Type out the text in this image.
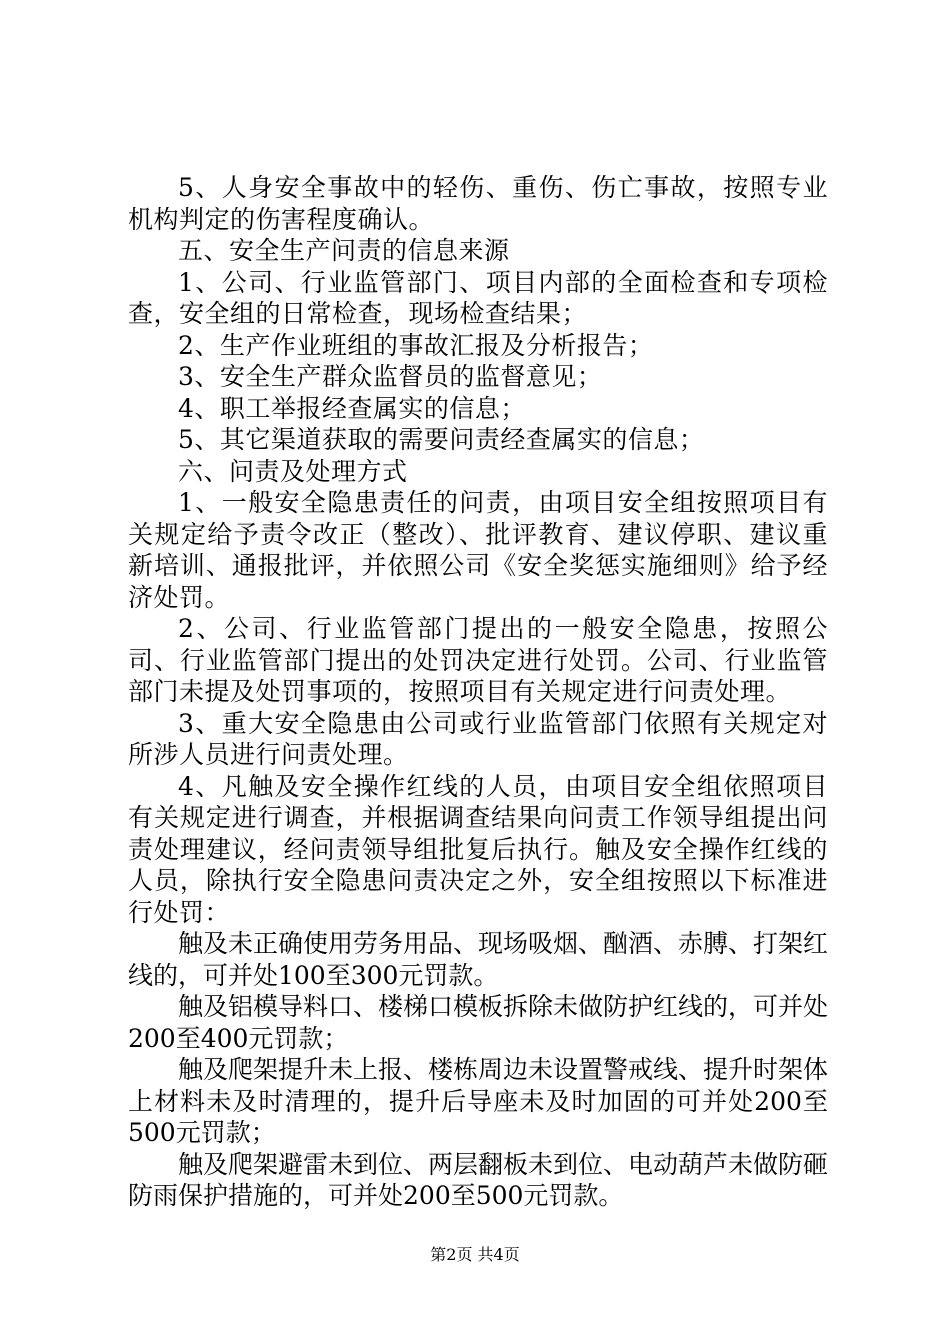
5、人身安全事故中的轻伤、重伤、伤亡事故，按照专业机构判定的伤害程度确认。

五、安全生产问责的信息来源

1、公司、行业监管部门、项目内部的全面检查和专项检查，安全组的日常检查，现场检查结果；

2、生产作业班组的事故汇报及分析报告；

3、安全生产群众监督员的监督意见；

4、职工举报经查属实的信息；

5、其它渠道获取的需要问责经查属实的信息；

六、问责及处理方式

1、一般安全隐患责任的问责，由项目安全组按照项目有关规定给予责令改正（整改）、批评教育、建议停职、建议重新培训、通报批评，并依照公司《安全奖惩实施细则》给予经济处罚。

2、公司、行业监管部门提出的一般安全隐患，按照公司、行业监管部门提出的处罚决定进行处罚。公司、行业监管部门未提及处罚事项的，按照项目有关规定进行问责处理。

3、重大安全隐患由公司或行业监管部门依照有关规定对所涉人员进行问责处理。

4、凡触及安全操作红线的人员，由项目安全组依照项目有关规定进行调查，并根据调查结果向问责工作领导组提出问责处理建议，经问责领导组批复后执行。触及安全操作红线的人员，除执行安全隐患问责决定之外，安全组按照以下标准进行处罚：

触及未正确使用劳务用品、现场吸烟、酗酒、赤膊、打架红线的，可并处100至300元罚款。

触及铝模导料口、楼梯口模板拆除未做防护红线的，可并处200至400元罚款；

触及爬架提升未上报、楼栋周边未设置警戒线、提升时架体上材料未及时清理的，提升后导座未及时加固的可并处200至500元罚款；

触及爬架避雷未到位、两层翻板未到位、电动葫芦未做防砸防雨保护措施的，可并处200至500元罚款。

第2页 共4页
